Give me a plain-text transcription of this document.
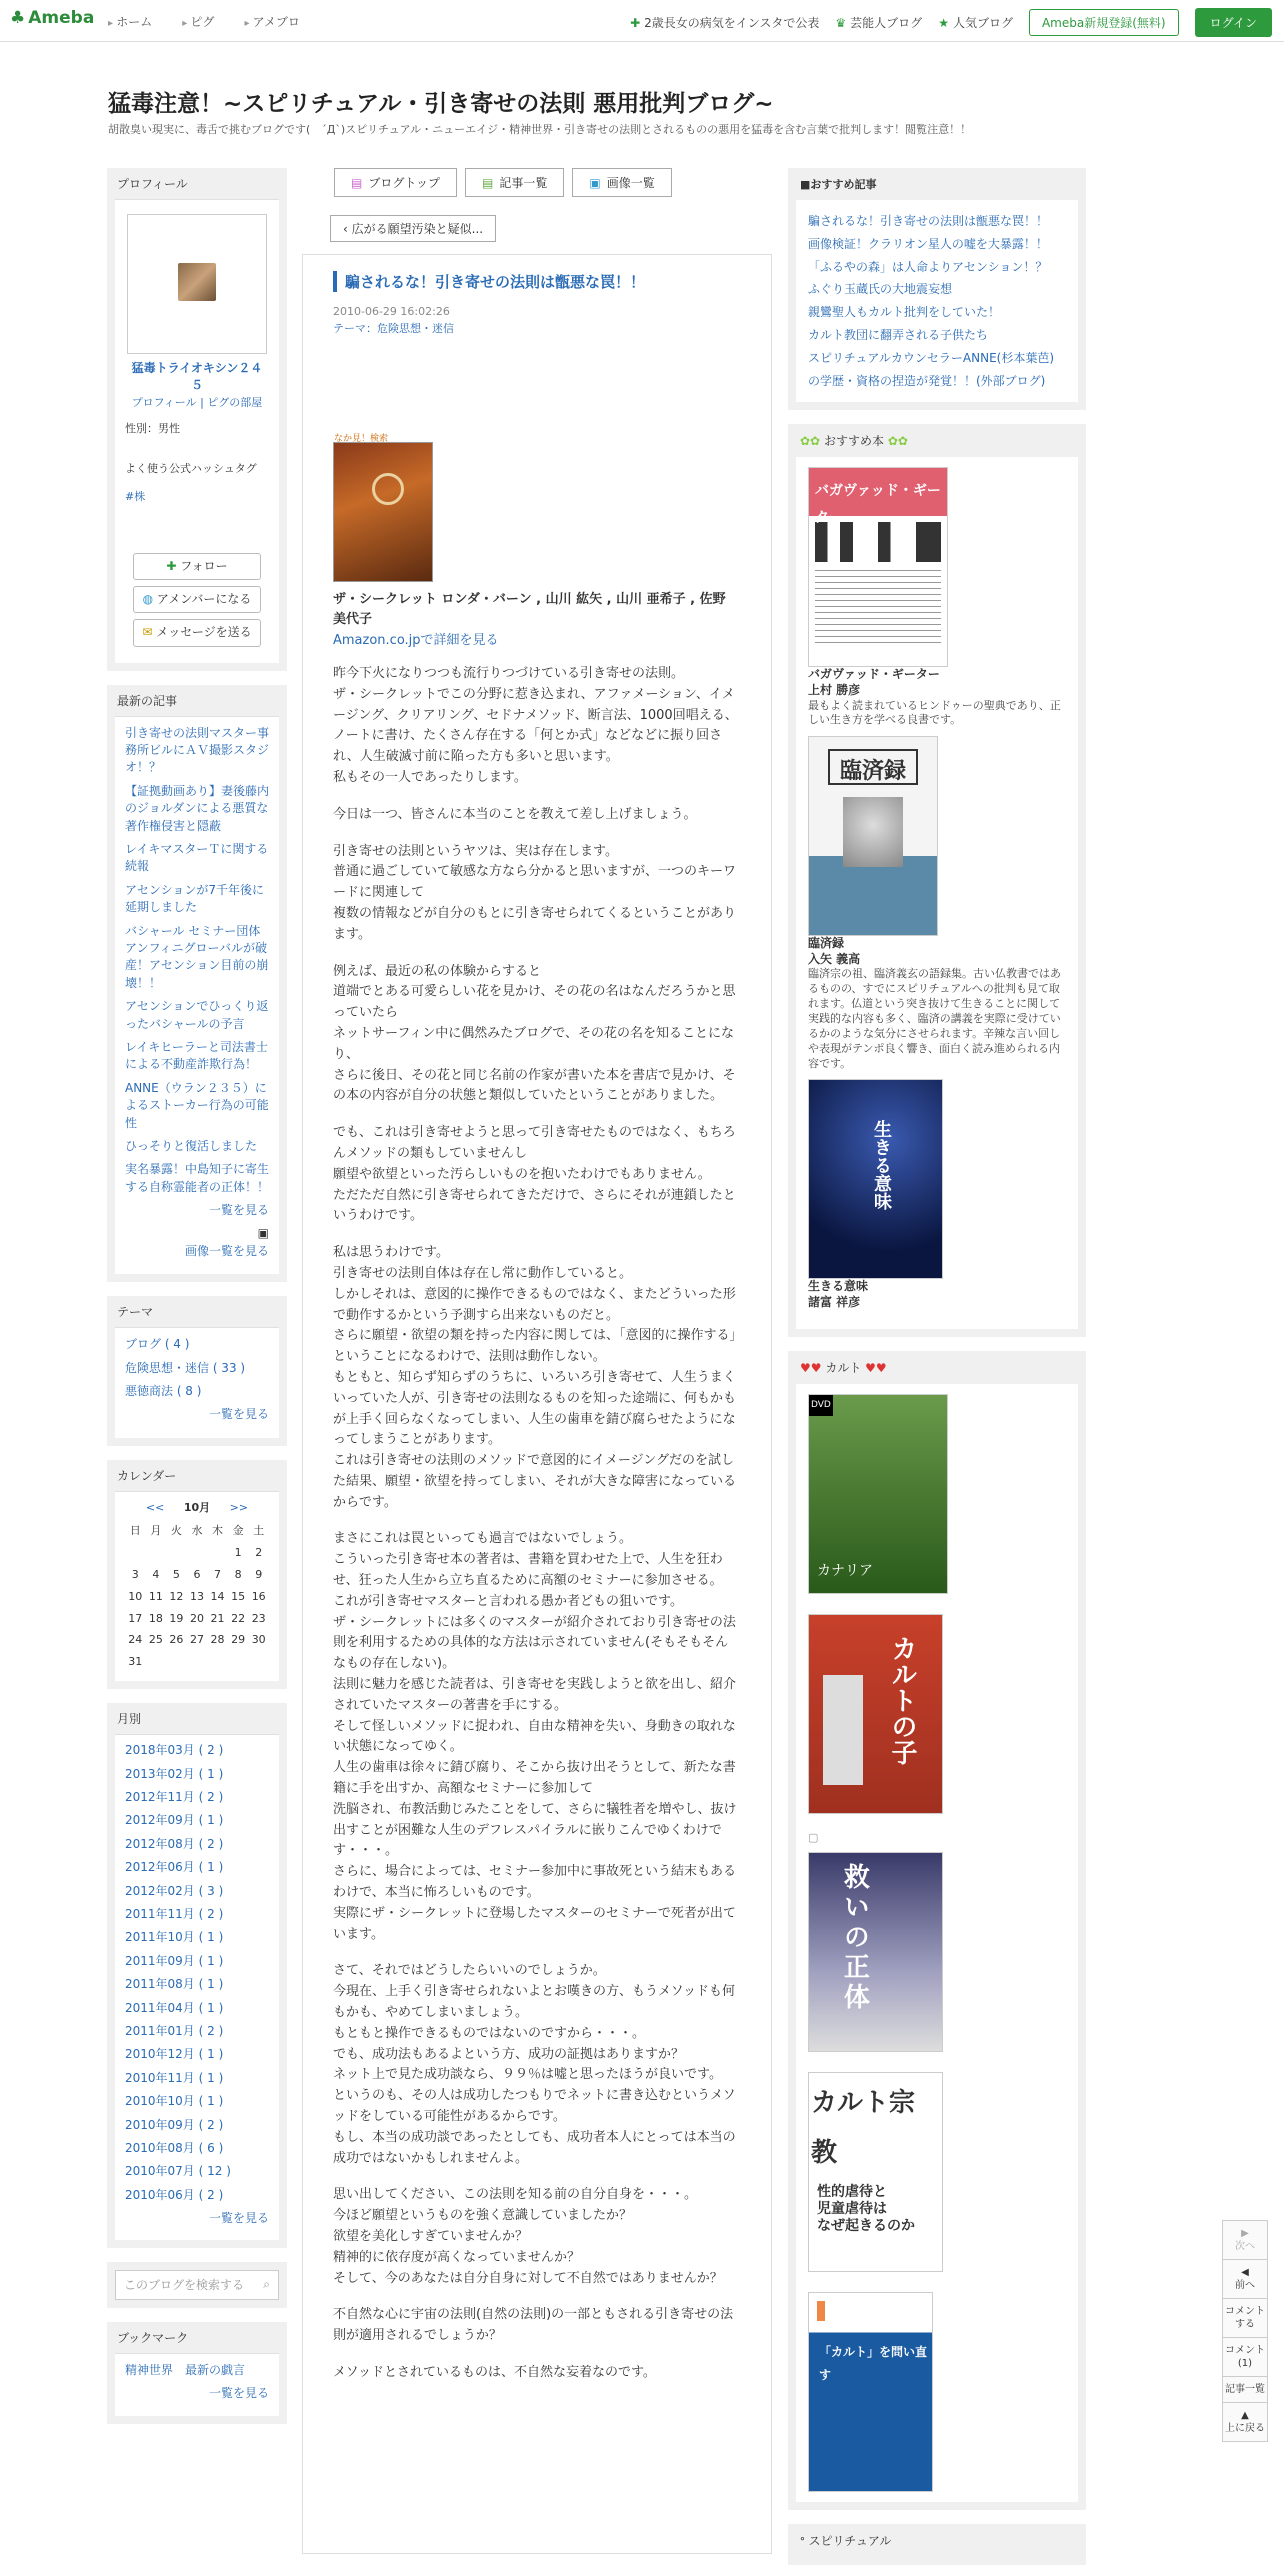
♣ Ameba	▸ ホーム	▸ ピグ	▸ アメブロ	✚ 2歳長女の病気をインスタで公表 ♛ 芸能人ブログ ★ 人気ブログ	Ameba新規登録(無料)	ログイン
猛毒注意！~スピリチュアル・引き寄せの法則 悪用批判ブログ~
胡散臭い現実に、毒舌で挑むブログです(　´Д`)スピリチュアル・ニューエイジ・精神世界・引き寄せの法則とされるものの悪用を猛毒を含む言葉で批判します！閲覧注意！！
プロフィール
猛毒トライオキシン２４５
プロフィール | ピグの部屋
性別：男性
よく使う公式ハッシュタグ
#株
✚ フォロー
◍ アメンバーになる
✉ メッセージを送る
最新の記事
引き寄せの法則マスター事務所ビルにＡＶ撮影スタジオ！？
【証拠動画あり】妻後藤内のジョルダンによる悪質な著作権侵害と隠蔽
レイキマスターＴに関する続報
アセンションが7千年後に延期しました
バシャール セミナー団体アンフィニグローバルが破産！アセンション目前の崩壊！！
アセンションでひっくり返ったバシャールの予言
レイキヒーラーと司法書士による不動産詐欺行為！
ANNE（ウラン２３５）によるストーカー行為の可能性
ひっそりと復活しました
実名暴露！中島知子に寄生する自称霊能者の正体！！
一覧を見る
▣
画像一覧を見る
テーマ
ブログ ( 4 )
危険思想・迷信 ( 33 )
悪徳商法 ( 8 )
一覧を見る
カレンダー
<< 10月 >>
日	月	火	水	木	金	土
					1	2
3	4	5	6	7	8	9
10	11	12	13	14	15	16
17	18	19	20	21	22	23
24	25	26	27	28	29	30
31						
月別
2018年03月 ( 2 )
2013年02月 ( 1 )
2012年11月 ( 2 )
2012年09月 ( 1 )
2012年08月 ( 2 )
2012年06月 ( 1 )
2012年02月 ( 3 )
2011年11月 ( 2 )
2011年10月 ( 1 )
2011年09月 ( 1 )
2011年08月 ( 1 )
2011年04月 ( 1 )
2011年01月 ( 2 )
2010年12月 ( 1 )
2010年11月 ( 1 )
2010年10月 ( 1 )
2010年09月 ( 2 )
2010年08月 ( 6 )
2010年07月 ( 12 )
2010年06月 ( 2 )
一覧を見る
このブログを検索する ⌕
ブックマーク
精神世界　最新の戯言
一覧を見る
▤ ブログトップ	▤ 記事一覧	▣ 画像一覧
‹ 広がる願望汚染と疑似...
騙されるな！引き寄せの法則は甑悪な罠！！
2010-06-29 16:02:26
テーマ：危険思想・迷信
なか見！検索
ザ・シークレット ロンダ・バーン , 山川 紘矢 , 山川 亜希子 , 佐野 美代子
Amazon.co.jpで詳細を見る

昨今下火になりつつも流行りつづけている引き寄せの法則。
ザ・シークレットでこの分野に惹き込まれ、アファメーション、イメージング、クリアリング、セドナメソッド、断言法、1000回唱える、ノートに書け、たくさん存在する「何とか式」などなどに振り回され、人生破滅寸前に陥った方も多いと思います。
私もその一人であったりします。

今日は一つ、皆さんに本当のことを教えて差し上げましょう。

引き寄せの法則というヤツは、実は存在します。
普通に過ごしていて敏感な方なら分かると思いますが、一つのキーワードに関連して
複数の情報などが自分のもとに引き寄せられてくるということがあります。

例えば、最近の私の体験からすると
道端でとある可愛らしい花を見かけ、その花の名はなんだろうかと思っていたら
ネットサーフィン中に偶然みたブログで、その花の名を知ることになり、
さらに後日、その花と同じ名前の作家が書いた本を書店で見かけ、その本の内容が自分の状態と類似していたということがありました。

でも、これは引き寄せようと思って引き寄せたものではなく、もちろんメソッドの類もしていませんし
願望や欲望といった汚らしいものを抱いたわけでもありません。
ただただ自然に引き寄せられてきただけで、さらにそれが連鎖したというわけです。

私は思うわけです。
引き寄せの法則自体は存在し常に動作していると。
しかしそれは、意図的に操作できるものではなく、またどういった形で動作するかという予測すら出来ないものだと。
さらに願望・欲望の類を持った内容に関しては、「意図的に操作する」ということになるわけで、法則は動作しない。
もともと、知らず知らずのうちに、いろいろ引き寄せて、人生うまくいっていた人が、引き寄せの法則なるものを知った途端に、何もかもが上手く回らなくなってしまい、人生の歯車を錆び腐らせたようになってしまうことがあります。
これは引き寄せの法則のメソッドで意図的にイメージングだのを試した結果、願望・欲望を持ってしまい、それが大きな障害になっているからです。

まさにこれは罠といっても過言ではないでしょう。
こういった引き寄せ本の著者は、書籍を買わせた上で、人生を狂わせ、狂った人生から立ち直るために高額のセミナーに参加させる。
これが引き寄せマスターと言われる愚か者どもの狙いです。
ザ・シークレットには多くのマスターが紹介されており引き寄せの法則を利用するための具体的な方法は示されていません(そもそもそんなもの存在しない)。
法則に魅力を感じた読者は、引き寄せを実践しようと欲を出し、紹介されていたマスターの著書を手にする。
そして怪しいメソッドに捉われ、自由な精神を失い、身動きの取れない状態になってゆく。
人生の歯車は徐々に錆び腐り、そこから抜け出そうとして、新たな書籍に手を出すか、高額なセミナーに参加して
洗脳され、布教活動じみたことをして、さらに犠牲者を増やし、抜け出すことが困難な人生のデフレスパイラルに嵌りこんでゆくわけです・・・。
さらに、場合によっては、セミナー参加中に事故死という結末もあるわけで、本当に怖ろしいものです。
実際にザ・シークレットに登場したマスターのセミナーで死者が出ています。

さて、それではどうしたらいいのでしょうか。
今現在、上手く引き寄せられないよとお嘆きの方、もうメソッドも何もかも、やめてしまいましょう。
もともと操作できるものではないのですから・・・。
でも、成功法もあるよという方、成功の証拠はありますか？
ネット上で見た成功談なら、９９％は嘘と思ったほうが良いです。
というのも、その人は成功したつもりでネットに書き込むというメソッドをしている可能性があるからです。
もし、本当の成功談であったとしても、成功者本人にとっては本当の成功ではないかもしれませんよ。

思い出してください、この法則を知る前の自分自身を・・・。
今ほど願望というものを強く意識していましたか？
欲望を美化しすぎていませんか？
精神的に依存度が高くなっていませんか？
そして、今のあなたは自分自身に対して不自然ではありませんか？

不自然な心に宇宙の法則(自然の法則)の一部ともされる引き寄せの法則が適用されるでしょうか？

メソッドとされているものは、不自然な妄着なのです。

■おすすめ記事
騙されるな！引き寄せの法則は甑悪な罠！！
画像検証！クラリオン星人の嘘を大暴露！！
「ふるやの森」は人命よりアセンション！？
ふぐり玉蔵氏の大地震妄想
親鸞聖人もカルト批判をしていた！
カルト教団に翻弄される子供たち
スピリチュアルカウンセラーANNE(杉本葉芭)
の学歴・資格の捏造が発覚！！(外部ブログ)
✿✿ おすすめ本 ✿✿
バガヴァッド・ギーター
バガヴァッド・ギーター
上村 勝彦
最もよく読まれているヒンドゥーの聖典であり、正しい生き方を学べる良書です。
臨済録
臨済録
入矢 義高
臨済宗の祖、臨済義玄の語録集。古い仏教書ではあるものの、すでにスピリチュアルへの批判も見て取れます。仏道という突き抜けて生きることに関して実践的な内容も多く、臨済の講義を実際に受けているかのような気分にさせられます。辛辣な言い回しや表現がテンポ良く響き、面白く読み進められる内容です。
生きる意味
生きる意味
諸富 祥彦
♥♥ カルト ♥♥
カナリア
DVD
カルトの子
▢
救いの正体
カルト宗教
性的虐待と
児童虐待は
なぜ起きるのか
「カルト」を問い直す
ᐤ スピリチュアル
▶
次へ
◀
前へ
コメントする
コメント(1)
記事一覧
▲
上に戻る
